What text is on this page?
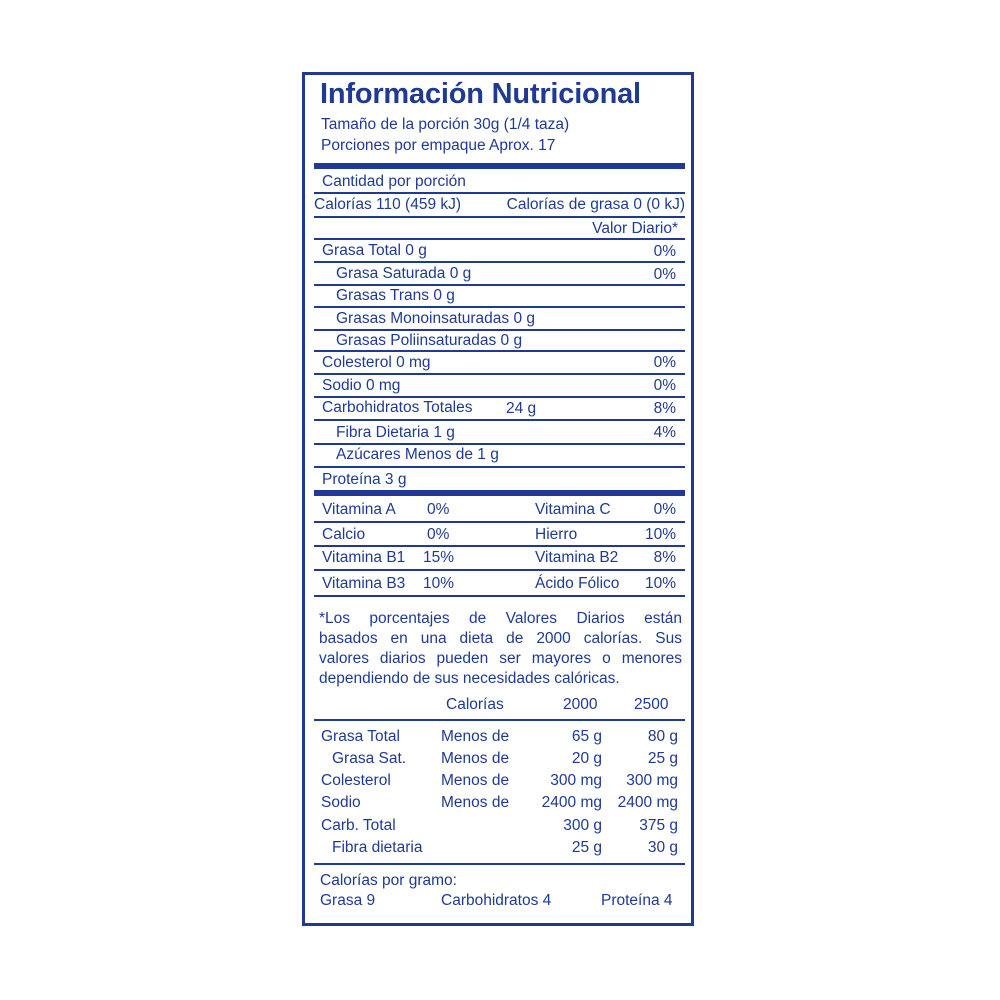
Información Nutricional
Tamaño de la porción 30g (1/4 taza)
Porciones por empaque Aprox. 17
Cantidad por porción
Calorías 110 (459 kJ)	Calorías de grasa 0 (0 kJ)
Valor Diario*
Grasa Total 0 g	0%
Grasa Saturada 0 g	0%
Grasas Trans 0 g
Grasas Monoinsaturadas 0 g
Grasas Poliinsaturadas 0 g
Colesterol 0 mg	0%
Sodio 0 mg	0%
Carbohidratos Totales 24 g	8%
Fibra Dietaria 1 g	4%
Azúcares Menos de 1 g
Proteína 3 g
Vitamina A 0%	Vitamina C	0%
Calcio	0%	Hierro	10%
Vitamina B1 15%	Vitamina B2 8%
Vitamina B3 10%	Ácido Fólico 10%
*Los porcentajes de Valores Diarios están
basados en una dieta de 2000 calorías. Sus
valores diarios pueden ser mayores o menores
dependiendo de sus necesidades calóricas.
Calorías	2000 2500
Grasa Total	Menos de	65 g	80 g
Grasa Sat. Menos de	20 g	25 g
Colesterol	Menos de	300 mg 300 mg
Sodio	Menos de 2400 mg 2400 mg
Carb. Total	300 g 375 g
Fibra dietaria	25 g	30 g
Calorías por gramo:
Grasa 9	Carbohidratos 4	Proteína 4
